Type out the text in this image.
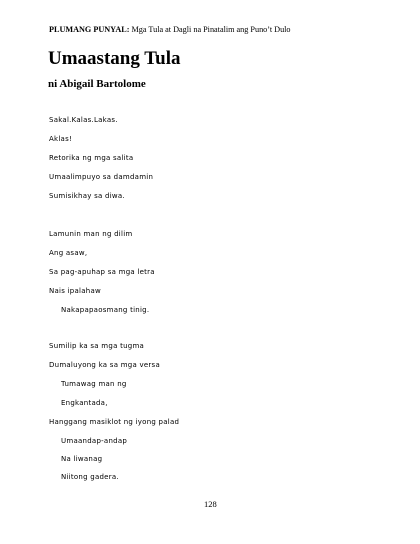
PLUMANG PUNYAL: Mga Tula at Dagli na Pinatalim ang Puno’t Dulo
Umaastang Tula
ni Abigail Bartolome
Sakal.Kalas.Lakas.
Aklas!
Retorika ng mga salita
Umaalimpuyo sa damdamin
Sumisikhay sa diwa.
Lamunin man ng dilim
Ang asaw,
Sa pag-apuhap sa mga letra
Nais ipalahaw
Nakapapaosmang tinig.
Sumilip ka sa mga tugma
Dumaluyong ka sa mga versa
Tumawag man ng
Engkantada,
Hanggang masiklot ng iyong palad
Umaandap-andap
Na liwanag
Niitong gadera.
128
